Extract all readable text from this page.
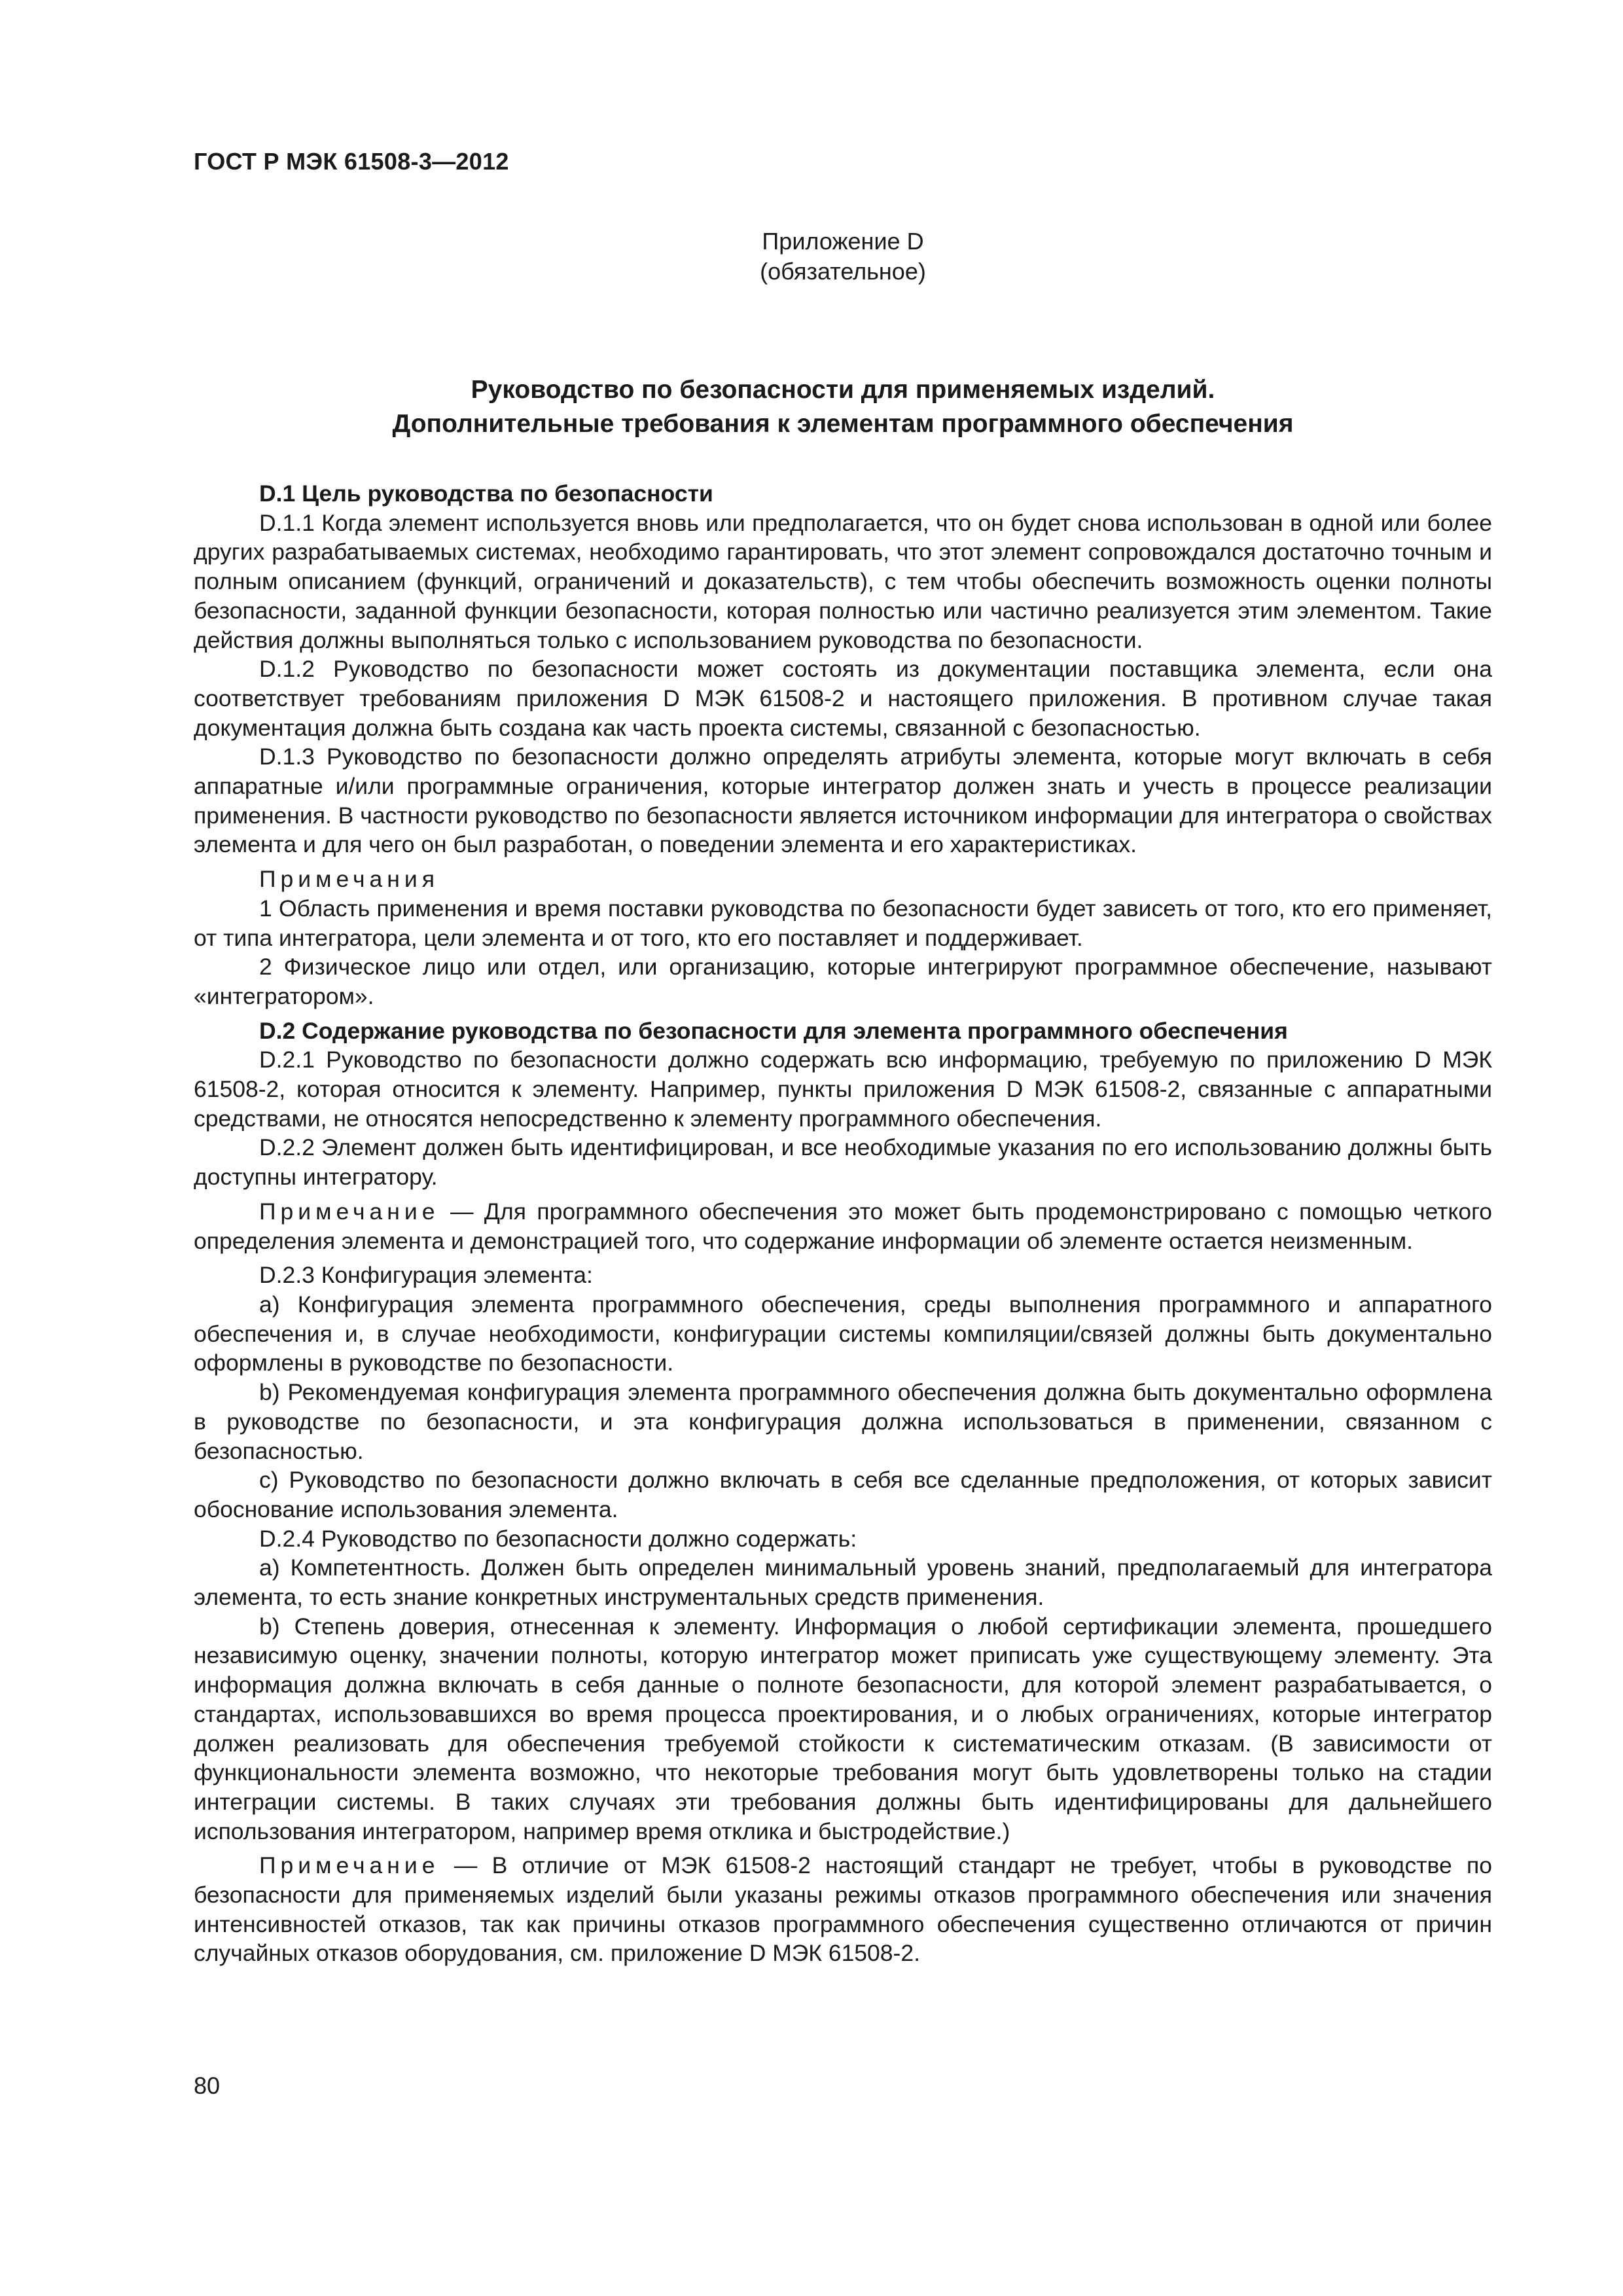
ГОСТ Р МЭК 61508-3—2012
Приложение D
(обязательное)
Руководство по безопасности для применяемых изделий.
Дополнительные требования к элементам программного обеспечения

D.1 Цель руководства по безопасности

D.1.1 Когда элемент используется вновь или предполагается, что он будет снова использован в одной или более других разрабатываемых системах, необходимо гарантировать, что этот элемент сопровождался достаточно точным и полным описанием (функций, ограничений и доказательств), с тем чтобы обеспечить возможность оценки полноты безопасности, заданной функции безопасности, которая полностью или частично реализуется этим элементом. Такие действия должны выполняться только с использованием руководства по безопасности.

D.1.2 Руководство по безопасности может состоять из документации поставщика элемента, если она соответствует требованиям приложения D МЭК 61508-2 и настоящего приложения. В противном случае такая документация должна быть создана как часть проекта системы, связанной с безопасностью.

D.1.3 Руководство по безопасности должно определять атрибуты элемента, которые могут включать в себя аппаратные и/или программные ограничения, которые интегратор должен знать и учесть в процессе реализации применения. В частности руководство по безопасности является источником информации для интегратора о свойствах элемента и для чего он был разработан, о поведении элемента и его характеристиках.

Примечания

1 Область применения и время поставки руководства по безопасности будет зависеть от того, кто его применяет, от типа интегратора, цели элемента и от того, кто его поставляет и поддерживает.

2 Физическое лицо или отдел, или организацию, которые интегрируют программное обеспечение, называют «интегратором».

D.2 Содержание руководства по безопасности для элемента программного обеспечения

D.2.1 Руководство по безопасности должно содержать всю информацию, требуемую по приложению D МЭК 61508-2, которая относится к элементу. Например, пункты приложения D МЭК 61508-2, связанные с аппаратными средствами, не относятся непосредственно к элементу программного обеспечения.

D.2.2 Элемент должен быть идентифицирован, и все необходимые указания по его использованию должны быть доступны интегратору.

Примечание — Для программного обеспечения это может быть продемонстрировано с помощью четкого определения элемента и демонстрацией того, что содержание информации об элементе остается неизменным.

D.2.3 Конфигурация элемента:

a) Конфигурация элемента программного обеспечения, среды выполнения программного и аппаратного обеспечения и, в случае необходимости, конфигурации системы компиляции/связей должны быть документально оформлены в руководстве по безопасности.

b) Рекомендуемая конфигурация элемента программного обеспечения должна быть документально оформлена в руководстве по безопасности, и эта конфигурация должна использоваться в применении, связанном с безопасностью.

c) Руководство по безопасности должно включать в себя все сделанные предположения, от которых зависит обоснование использования элемента.

D.2.4 Руководство по безопасности должно содержать:

a) Компетентность. Должен быть определен минимальный уровень знаний, предполагаемый для интегратора элемента, то есть знание конкретных инструментальных средств применения.

b) Степень доверия, отнесенная к элементу. Информация о любой сертификации элемента, прошедшего независимую оценку, значении полноты, которую интегратор может приписать уже существующему элементу. Эта информация должна включать в себя данные о полноте безопасности, для которой элемент разрабатывается, о стандартах, использовавшихся во время процесса проектирования, и о любых ограничениях, которые интегратор должен реализовать для обеспечения требуемой стойкости к систематическим отказам. (В зависимости от функциональности элемента возможно, что некоторые требования могут быть удовлетворены только на стадии интеграции системы. В таких случаях эти требования должны быть идентифицированы для дальнейшего использования интегратором, например время отклика и быстродействие.)

Примечание — В отличие от МЭК 61508-2 настоящий стандарт не требует, чтобы в руководстве по безопасности для применяемых изделий были указаны режимы отказов программного обеспечения или значения интенсивностей отказов, так как причины отказов программного обеспечения существенно отличаются от причин случайных отказов оборудования, см. приложение D МЭК 61508-2.

80
